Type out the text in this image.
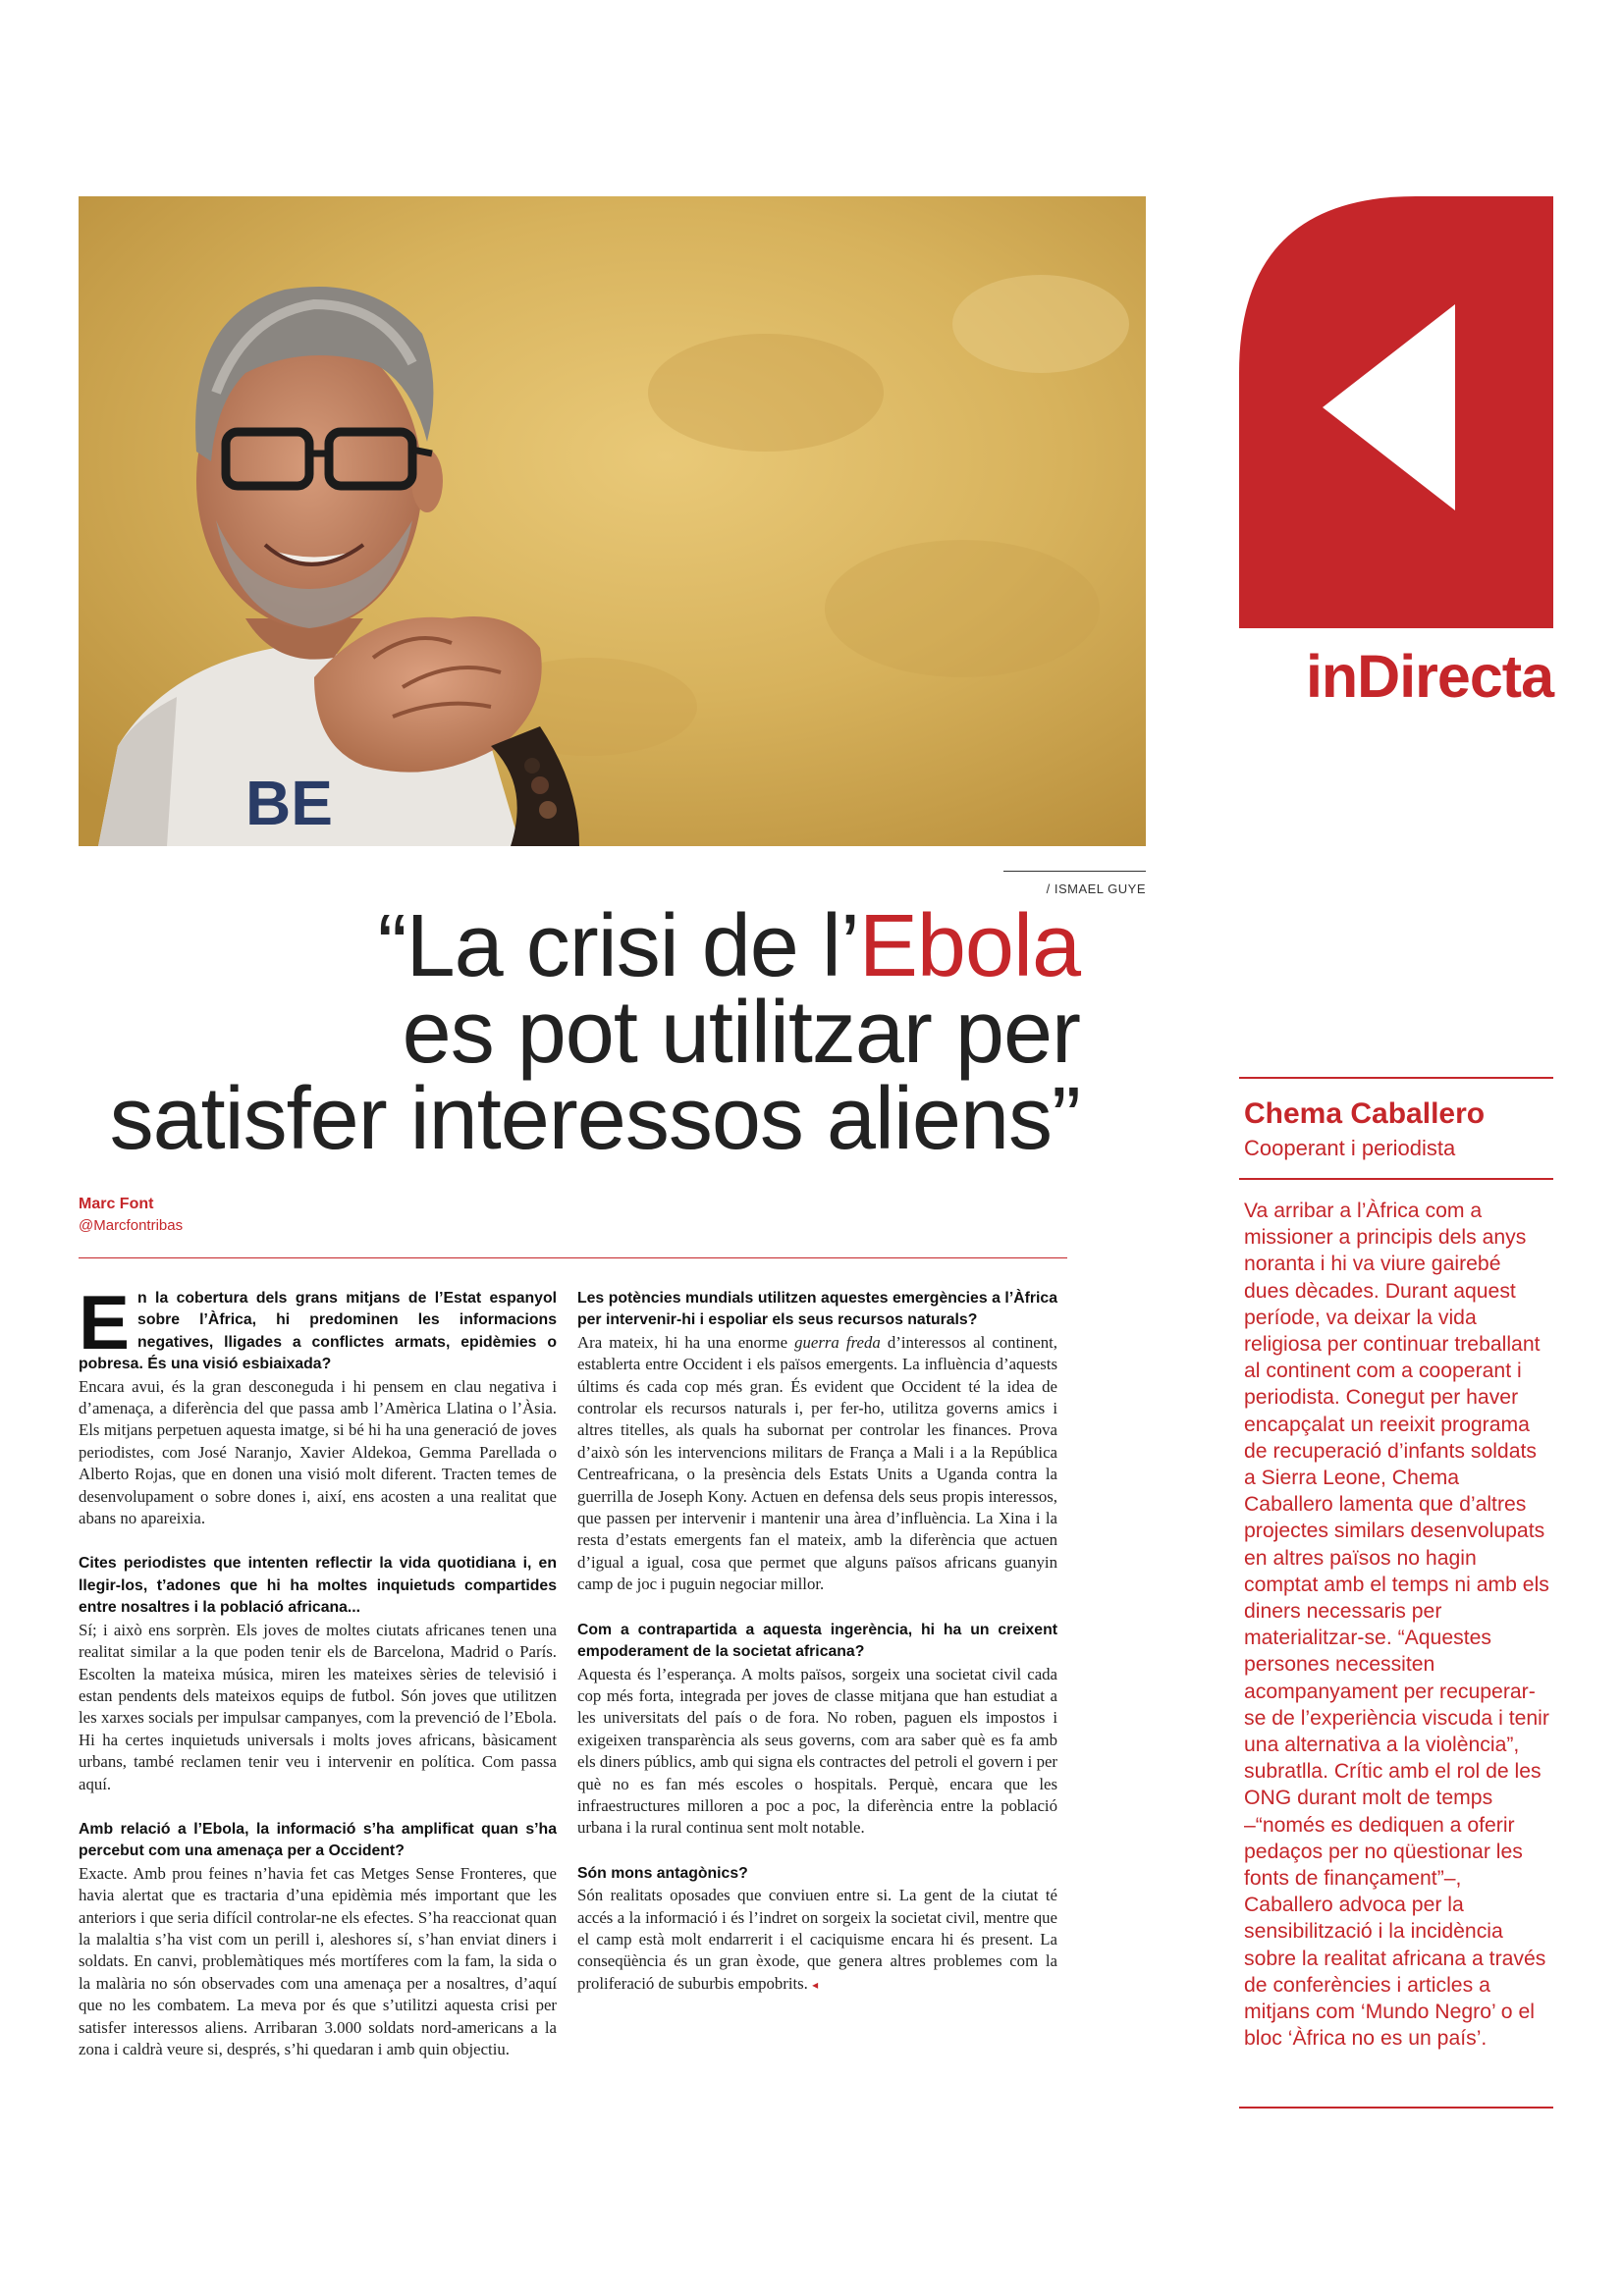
BE
/ ISMAEL GUYE
inDirecta
“La crisi de l’Ebola
es pot utilitzar per
satisfer interessos aliens”
Marc Font
@Marcfontribas

En la cobertura dels grans mitjans de l’Estat espanyol sobre l’Àfrica, hi predominen les informacions negatives, lligades a conflictes armats, epidèmies o pobresa. És una visió esbiaixada?

Encara avui, és la gran desconeguda i hi pensem en clau negativa i d’amenaça, a diferència del que passa amb l’Amèrica Llatina o l’Àsia. Els mitjans perpetuen aquesta imatge, si bé hi ha una generació de joves periodistes, com José Naranjo, Xavier Aldekoa, Gemma Parellada o Alberto Rojas, que en donen una visió molt diferent. Tracten temes de desenvolupament o sobre dones i, així, ens acosten a una realitat que abans no apareixia.

Cites periodistes que intenten reflectir la vida quotidiana i, en llegir-los, t’adones que hi ha moltes inquietuds compartides entre nosaltres i la població africana...

Sí; i això ens sorprèn. Els joves de moltes ciutats africanes tenen una realitat similar a la que poden tenir els de Barcelona, Madrid o París. Escolten la mateixa música, miren les mateixes sèries de televisió i estan pendents dels mateixos equips de futbol. Són joves que utilitzen les xarxes socials per impulsar campanyes, com la prevenció de l’Ebola. Hi ha certes inquietuds universals i molts joves africans, bàsicament urbans, també reclamen tenir veu i intervenir en política. Com passa aquí.

Amb relació a l’Ebola, la informació s’ha amplificat quan s’ha percebut com una amenaça per a Occident?

Exacte. Amb prou feines n’havia fet cas Metges Sense Fronteres, que havia alertat que es tractaria d’una epidèmia més important que les anteriors i que seria difícil controlar-ne els efectes. S’ha reaccionat quan la malaltia s’ha vist com un perill i, aleshores sí, s’han enviat diners i soldats. En canvi, problemàtiques més mortíferes com la fam, la sida o la malària no són observades com una amenaça per a nosaltres, d’aquí que no les combatem. La meva por és que s’utilitzi aquesta crisi per satisfer interessos aliens. Arribaran 3.000 soldats nord-americans a la zona i caldrà veure si, després, s’hi quedaran i amb quin objectiu.

Les potències mundials utilitzen aquestes emergències a l’Àfrica per intervenir-hi i espoliar els seus recursos naturals?

Ara mateix, hi ha una enorme guerra freda d’interessos al continent, establerta entre Occident i els països emergents. La influència d’aquests últims és cada cop més gran. És evident que Occident té la idea de controlar els recursos naturals i, per fer-ho, utilitza governs amics i altres titelles, als quals ha subornat per controlar les finances. Prova d’això són les intervencions militars de França a Mali i a la República Centreafricana, o la presència dels Estats Units a Uganda contra la guerrilla de Joseph Kony. Actuen en defensa dels seus propis interessos, que passen per intervenir i mantenir una àrea d’influència. La Xina i la resta d’estats emergents fan el mateix, amb la diferència que actuen d’igual a igual, cosa que permet que alguns països africans guanyin camp de joc i puguin negociar millor.

Com a contrapartida a aquesta ingerència, hi ha un creixent empoderament de la societat africana?

Aquesta és l’esperança. A molts països, sorgeix una societat civil cada cop més forta, integrada per joves de classe mitjana que han estudiat a les universitats del país o de fora. No roben, paguen els impostos i exigeixen transparència als seus governs, com ara saber què es fa amb els diners públics, amb qui signa els contractes del petroli el govern i per què no es fan més escoles o hospitals. Perquè, encara que les infraestructures milloren a poc a poc, la diferència entre la població urbana i la rural continua sent molt notable.

Són mons antagònics?

Són realitats oposades que conviuen entre si. La gent de la ciutat té accés a la informació i és l’indret on sorgeix la societat civil, mentre que el camp està molt endarrerit i el caciquisme encara hi és present. La conseqüència és un gran èxode, que genera altres problemes com la proliferació de suburbis empobrits. ◂

Chema Caballero
Cooperant i periodista
Va arribar a l’Àfrica com a missioner a principis dels anys noranta i hi va viure gairebé dues dècades. Durant aquest període, va deixar la vida religiosa per continuar treballant al continent com a cooperant i periodista. Conegut per haver encapçalat un reeixit programa de recuperació d’infants soldats a Sierra Leone, Chema Caballero lamenta que d’altres projectes similars desenvolupats en altres països no hagin comptat amb el temps ni amb els diners necessaris per materialitzar-se. “Aquestes persones necessiten acompanyament per recuperar-se de l’experiència viscuda i tenir una alternativa a la violència”, subratlla. Crític amb el rol de les ONG durant molt de temps –“només es dediquen a oferir pedaços per no qüestionar les fonts de finançament”–, Caballero advoca per la sensibilització i la incidència sobre la realitat africana a través de conferències i articles a mitjans com ‘Mundo Negro’ o el bloc ‘Àfrica no es un país’.
